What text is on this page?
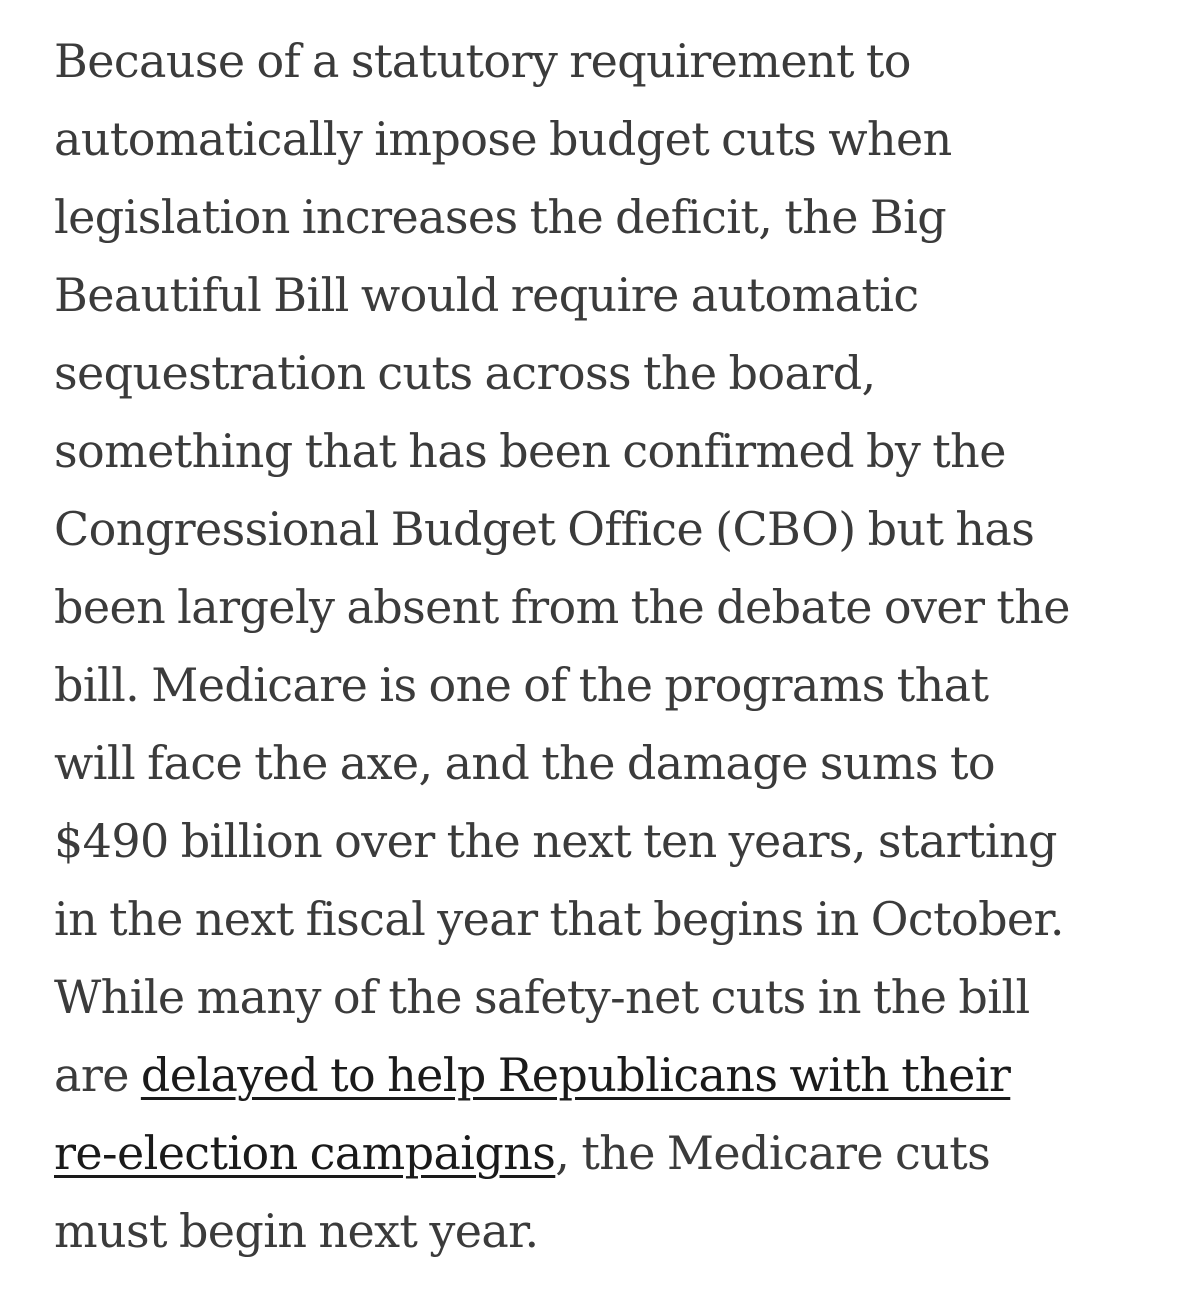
Because of a statutory requirement to
automatically impose budget cuts when
legislation increases the deficit, the Big
Beautiful Bill would require automatic
sequestration cuts across the board,
something that has been confirmed by the
Congressional Budget Office (CBO) but has
been largely absent from the debate over the
bill. Medicare is one of the programs that
will face the axe, and the damage sums to
$490 billion over the next ten years, starting
in the next fiscal year that begins in October.
While many of the safety-net cuts in the bill
are delayed to help Republicans with their
re-election campaigns, the Medicare cuts
must begin next year.
